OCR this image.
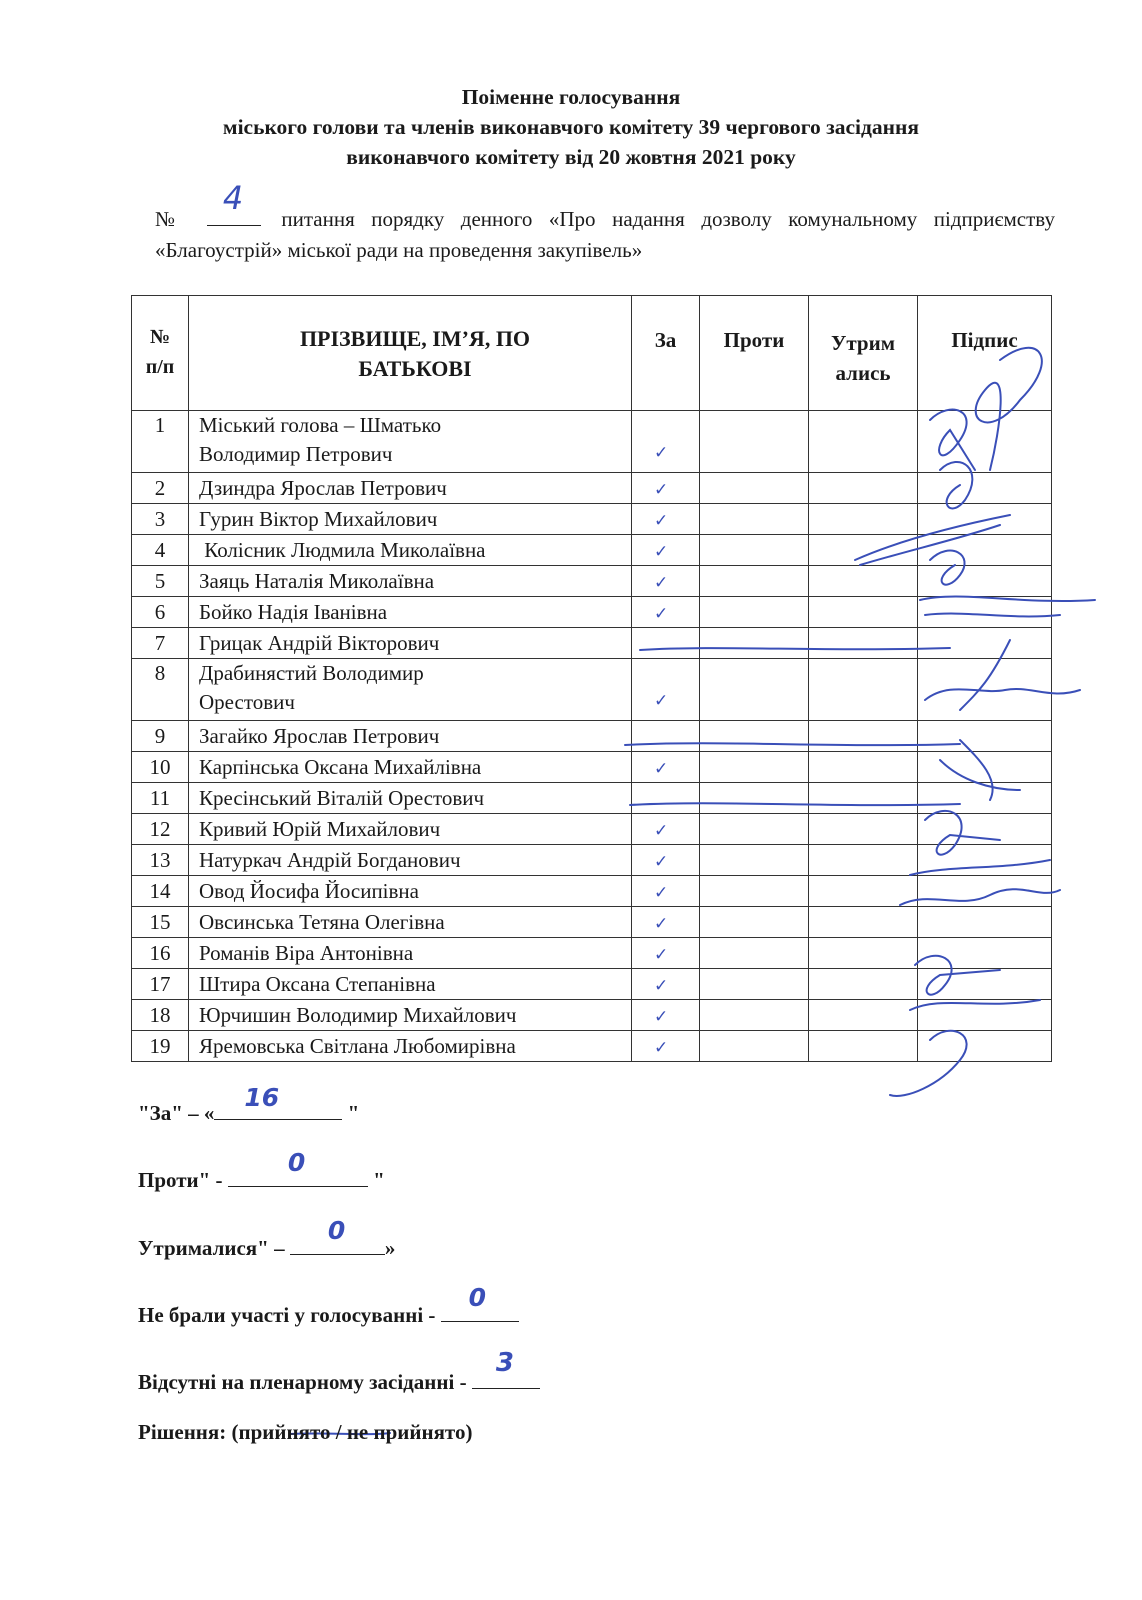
Поіменне голосування
міського голови та членів виконавчого комітету 39 чергового засідання
виконавчого комітету від 20 жовтня 2021 року
№
4
питання порядку денного «Про надання дозволу комунальному підприємству «Благоустрій» міської ради на проведення закупівель»
№ п/п	ПРІЗВИЩЕ, ІМ’Я, ПО БАТЬКОВІ	За	Проти	Утрим ались	Підпис
1	Міський голова – Шматько
Володимир Петрович	✓			
2	Дзиндра Ярослав Петрович	✓			
3	Гурин Віктор Михайлович	✓			
4	Колісник Людмила Миколаївна	✓			
5	Заяць Наталія Миколаївна	✓			
6	Бойко Надія Іванівна	✓			
7	Грицак Андрій Вікторович				
8	Драбинястий Володимир
Орестович	✓			
9	Загайко Ярослав Петрович				
10	Карпінська Оксана Михайлівна	✓			
11	Кресінський Віталій Орестович				
12	Кривий Юрій Михайлович	✓			
13	Натуркач Андрій Богданович	✓			
14	Овод Йосифа Йосипівна	✓			
15	Овсинська Тетяна Олегівна	✓			
16	Романів Віра Антонівна	✓			
17	Штира Оксана Степанівна	✓			
18	Юрчишин Володимир Михайлович	✓			
19	Яремовська Світлана Любомирівна	✓			
"За" – «
16
"
Проти" -
0
"
Утрималися" –
0
»
Не брали участі у голосуванні -
0
Відсутні на пленарному засіданні -
3
Рішення: (прийнято / не прийнято)
